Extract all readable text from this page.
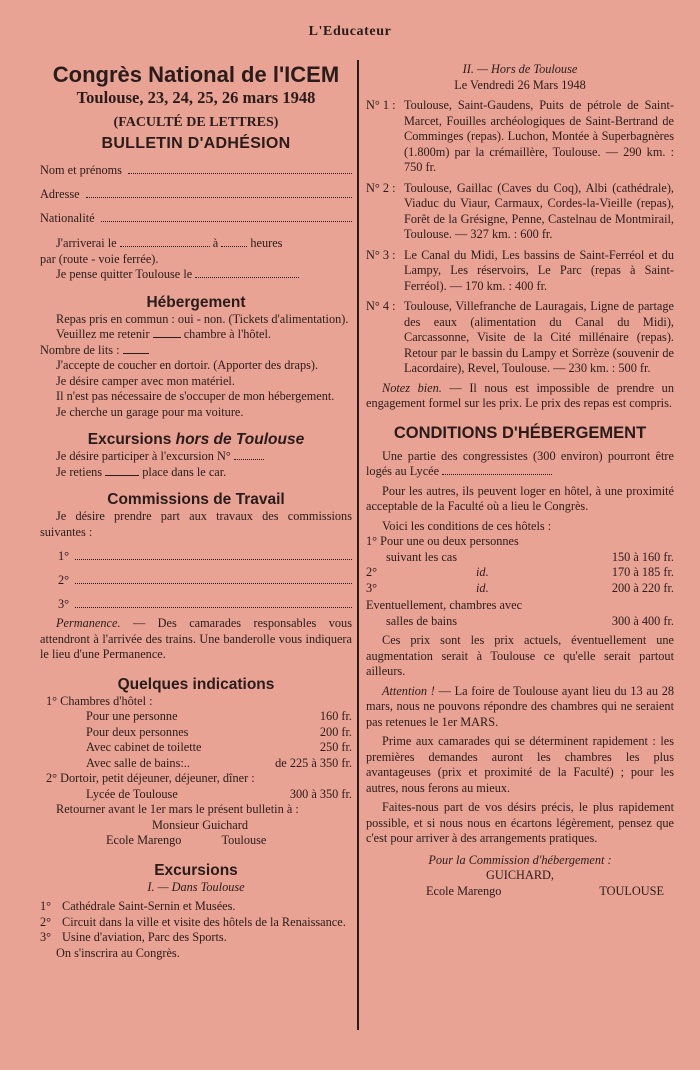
L'Educateur
Congrès National de l'ICEM
Toulouse, 23, 24, 25, 26 mars 1948
(FACULTÉ DE LETTRES)
BULLETIN D'ADHÉSION
Nom et prénoms
Adresse
Nationalité
J'arriverai le	à	heures
par (route - voie ferrée).
Je pense quitter Toulouse le
Hébergement
Repas pris en commun : oui - non. (Tickets d'alimentation).
Veuillez me retenir	chambre à l'hôtel.
Nombre de lits :
J'accepte de coucher en dortoir. (Apporter des draps).
Je désire camper avec mon matériel.
Il n'est pas nécessaire de s'occuper de mon hébergement.
Je cherche un garage pour ma voiture.
Excursions hors de Toulouse
Je désire participer à l'excursion N°
Je retiens	place dans le car.
Commissions de Travail
Je désire prendre part aux travaux des commissions suivantes :
1°
2°
3°
Permanence. — Des camarades responsables vous attendront à l'arrivée des trains. Une banderolle vous indiquera le lieu d'une Permanence.
Quelques indications
1° Chambres d'hôtel :
Pour une personne	160 fr.
Pour deux personnes	200 fr.
Avec cabinet de toilette	250 fr.
Avec salle de bains:..	de 225 à 350 fr.
2° Dortoir, petit déjeuner, déjeuner, dîner :
Lycée de Toulouse	300 à 350 fr.
Retourner avant le 1er mars le présent bulletin à :
Monsieur Guichard
Ecole Marengo	Toulouse
Excursions
I. — Dans Toulouse
1° Cathédrale Saint-Sernin et Musées.
2° Circuit dans la ville et visite des hôtels de la Renaissance.
3° Usine d'aviation, Parc des Sports.
On s'inscrira au Congrès.
II. — Hors de Toulouse
Le Vendredi 26 Mars 1948
N° 1 : Toulouse, Saint-Gaudens, Puits de pétrole de Saint-Marcet, Fouilles archéologiques de Saint-Bertrand de Comminges (repas). Luchon, Montée à Superbagnères (1.800m) par la crémaillère, Toulouse. — 290 km. : 750 fr.
N° 2 : Toulouse, Gaillac (Caves du Coq), Albi (cathédrale), Viaduc du Viaur, Carmaux, Cordes-la-Vieille (repas), Forêt de la Grésigne, Penne, Castelnau de Montmirail, Toulouse. — 327 km. : 600 fr.
N° 3 : Le Canal du Midi, Les bassins de Saint-Ferréol et du Lampy, Les réservoirs, Le Parc (repas à Saint-Ferréol). — 170 km. : 400 fr.
N° 4 : Toulouse, Villefranche de Lauragais, Ligne de partage des eaux (alimentation du Canal du Midi), Carcassonne, Visite de la Cité millénaire (repas). Retour par le bassin du Lampy et Sorrèze (souvenir de Lacordaire), Revel, Toulouse. — 230 km. : 500 fr.
Notez bien. — Il nous est impossible de prendre un engagement formel sur les prix. Le prix des repas est compris.
CONDITIONS D'HÉBERGEMENT
Une partie des congressistes (300 environ) pourront être logés au Lycée
Pour les autres, ils peuvent loger en hôtel, à une proximité acceptable de la Faculté où a lieu le Congrès.
Voici les conditions de ces hôtels :
1° Pour une ou deux personnes
suivant les cas	150 à 160 fr.
2°	id.	170 à 185 fr.
3°	id.	200 à 220 fr.
Eventuellement, chambres avec
salles de bains	300 à 400 fr.
Ces prix sont les prix actuels, éventuellement une augmentation serait à Toulouse ce qu'elle serait partout ailleurs.
Attention ! — La foire de Toulouse ayant lieu du 13 au 28 mars, nous ne pouvons répondre des chambres qui ne seraient pas retenues le 1er MARS.
Prime aux camarades qui se déterminent rapidement : les premières demandes auront les chambres les plus avantageuses (prix et proximité de la Faculté) ; pour les autres, nous ferons au mieux.
Faites-nous part de vos désirs précis, le plus rapidement possible, et si nous nous en écartons légèrement, pensez que c'est pour arriver à des arrangements pratiques.
Pour la Commission d'hébergement :
GUICHARD,
Ecole Marengo	TOULOUSE
